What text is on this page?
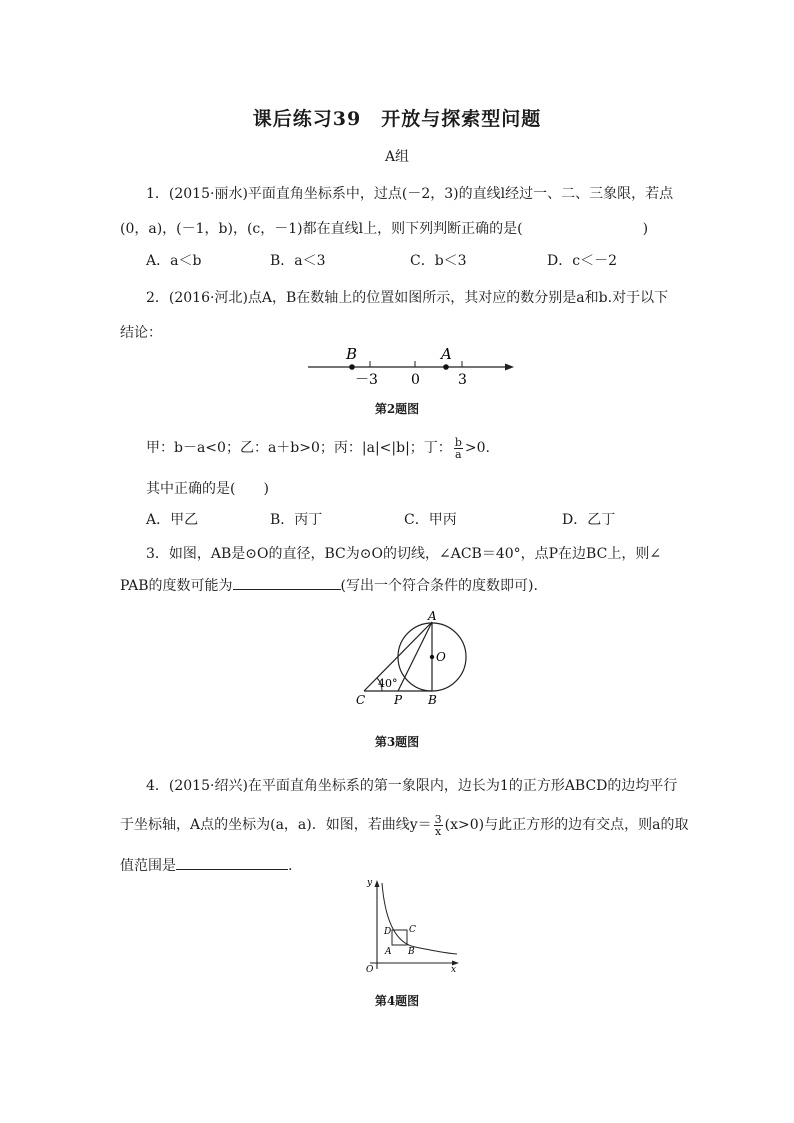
课后练习39　开放与探索型问题
A组
1．(2015·丽水)平面直角坐标系中，过点(－2，3)的直线l经过一、二、三象限，若点
(0，a)，(－1，b)，(c，－1)都在直线l上，则下列判断正确的是(	)
A．a＜b	B．a＜3	C．b＜3	D．c＜－2
2．(2016·河北)点A，B在数轴上的位置如图所示，其对应的数分别是a和b.对于以下
结论：
B	A
－3 0	3
第2题图
甲：b－a<0；乙：a＋b>0；丙：|a|<|b|；丁： $\frac{b}{a} >0$.
其中正确的是(　　)
A．甲乙	B．丙丁	C．甲丙	D．乙丁
3．如图，AB是⊙O的直径，BC为⊙O的切线，∠ACB＝40°，点P在边BC上，则∠
PAB的度数可能为	(写出一个符合条件的度数即可).
A
O
B
P
C
40°
第3题图
4．(2015·绍兴)在平面直角坐标系的第一象限内，边长为1的正方形ABCD的边均平行
于坐标轴，A点的坐标为(a，a)．如图，若曲线$y= \frac{3}{x} (x>0)$与此正方形的边有交点，则a的取
值范围是	.
y
x
O
A B
C
D
第4题图
